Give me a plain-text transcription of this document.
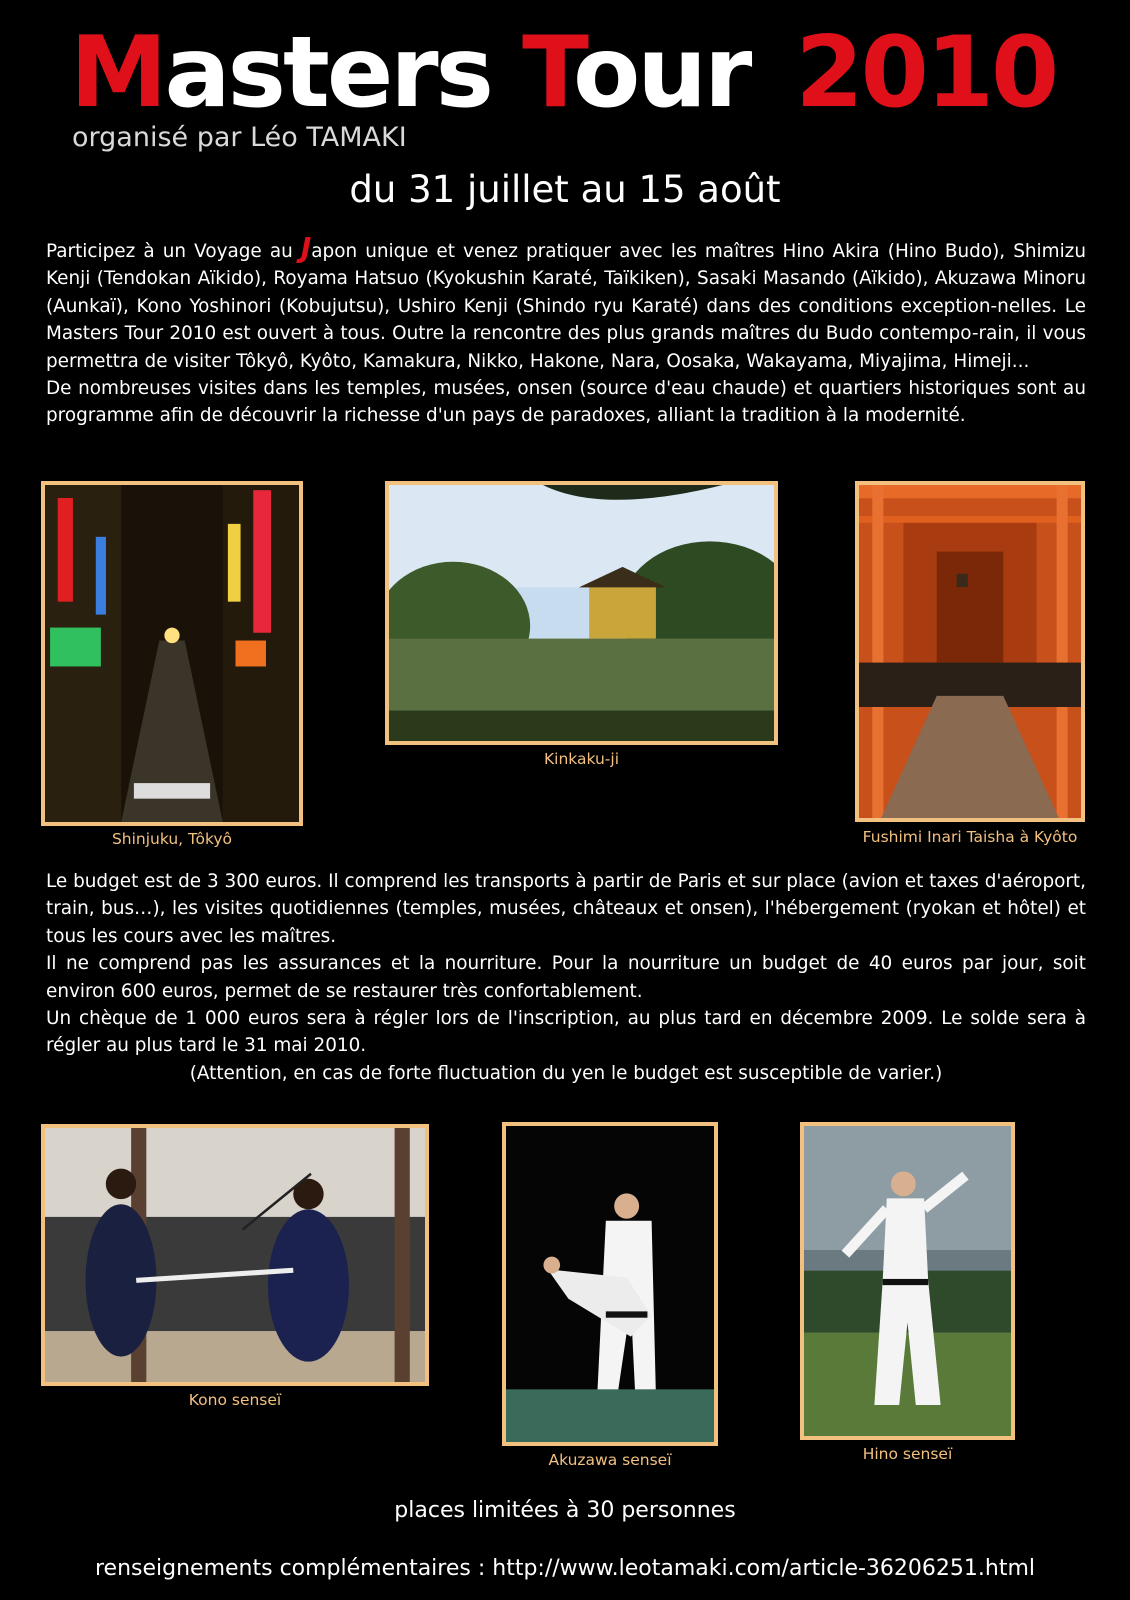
Masters Tour 2010
organisé par Léo TAMAKI
du 31 juillet au 15 août
Participez à un Voyage au Japon unique et venez pratiquer avec les maîtres Hino Akira (Hino Budo), Shimizu Kenji (Tendokan Aïkido), Royama Hatsuo (Kyokushin Karaté, Taïkiken), Sasaki Masando (Aïkido), Akuzawa Minoru (Aunkaï), Kono Yoshinori (Kobujutsu), Ushiro Kenji (Shindo ryu Karaté) dans des conditions exception-nelles. Le Masters Tour 2010 est ouvert à tous. Outre la rencontre des plus grands maîtres du Budo contempo-rain, il vous permettra de visiter Tôkyô, Kyôto, Kamakura, Nikko, Hakone, Nara, Oosaka, Wakayama, Miyajima, Himeji...
De nombreuses visites dans les temples, musées, onsen (source d'eau chaude) et quartiers historiques sont au programme afin de découvrir la richesse d'un pays de paradoxes, alliant la tradition à la modernité.
Shinjuku, Tôkyô
Kinkaku-ji
Fushimi Inari Taisha à Kyôto
Le budget est de 3 300 euros. Il comprend les transports à partir de Paris et sur place (avion et taxes d'aéroport, train, bus…), les visites quotidiennes (temples, musées, châteaux et onsen), l'hébergement (ryokan et hôtel) et tous les cours avec les maîtres.
Il ne comprend pas les assurances et la nourriture. Pour la nourriture un budget de 40 euros par jour, soit environ 600 euros, permet de se restaurer très confortablement.
Un chèque de 1 000 euros sera à régler lors de l'inscription, au plus tard en décembre 2009. Le solde sera à régler au plus tard le 31 mai 2010.
(Attention, en cas de forte fluctuation du yen le budget est susceptible de varier.)
Kono senseï
Akuzawa senseï	Hino senseï
places limitées à 30 personnes
renseignements complémentaires : http://www.leotamaki.com/article-36206251.html
